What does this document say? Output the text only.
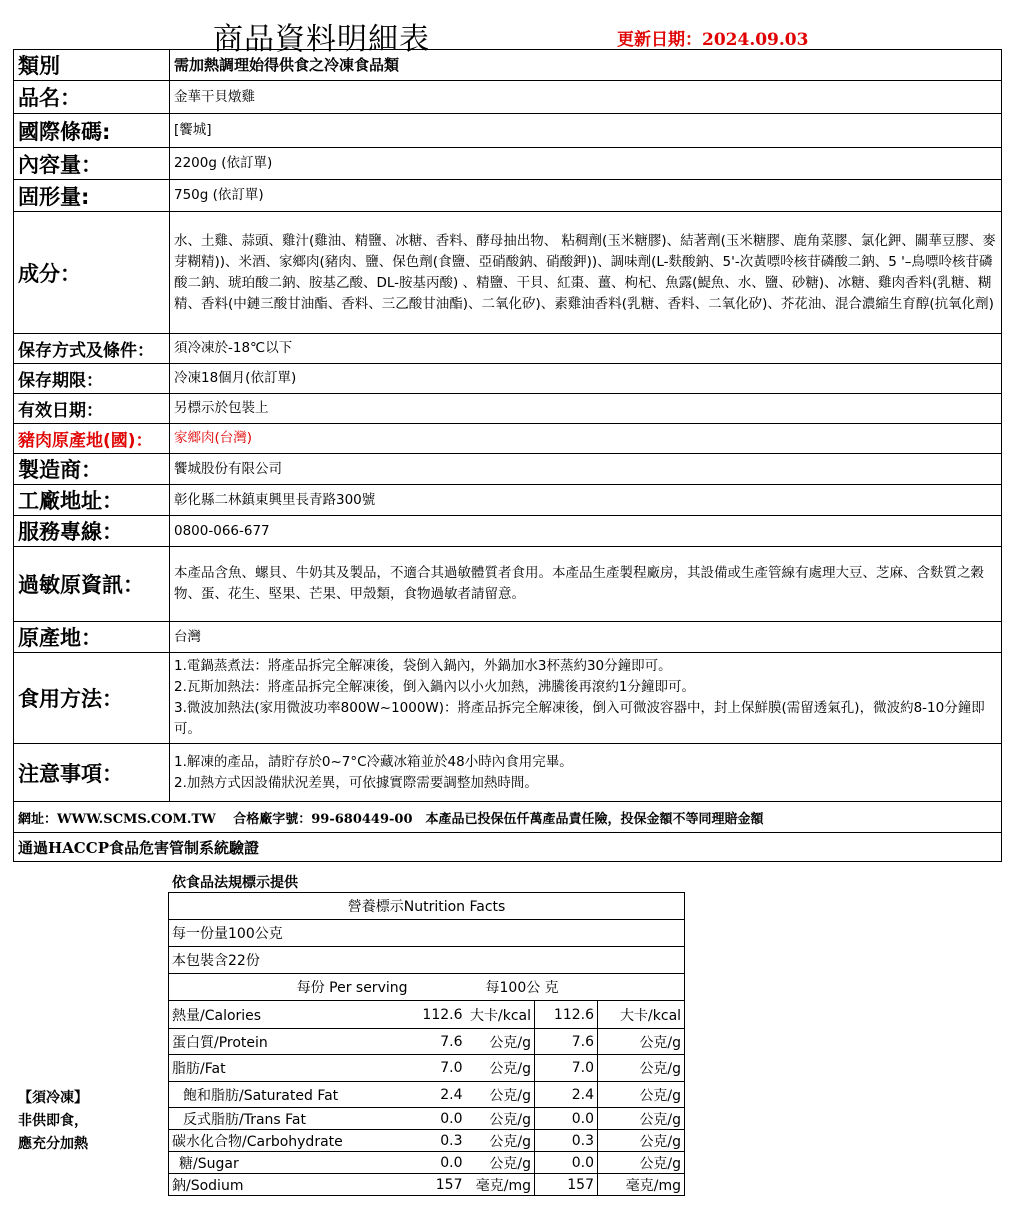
商品資料明細表	更新日期：2024.09.03
類別	需加熱調理始得供食之冷凍食品類
品名：	金華干貝燉雞
國際條碼:	[饗城]
內容量：	2200g (依訂單)
固形量:	750g (依訂單)
成分：	水、土雞、蒜頭、雞汁(雞油、精鹽、冰糖、香料、酵母抽出物、 粘稠劑(玉米糖膠)、結著劑(玉米糖膠、鹿角菜膠、氯化鉀、關華豆膠、麥芽糊精))、米酒、家鄉肉(豬肉、鹽、保色劑(食鹽、亞硝酸鈉、硝酸鉀))、調味劑(L-麩酸鈉、5'-次黃嘌呤核苷磷酸二鈉、5 '–鳥嘌呤核苷磷酸二鈉、琥珀酸二鈉、胺基乙酸、DL-胺基丙酸) 、精鹽、干貝、紅棗、薑、枸杞、魚露(鯷魚、水、鹽、砂糖)、冰糖、雞肉香料(乳糖、糊精、香料(中鏈三酸甘油酯、香料、三乙酸甘油酯)、二氧化矽)、素雞油香料(乳糖、香料、二氧化矽)、芥花油、混合濃縮生育醇(抗氧化劑)
保存方式及條件：	須冷凍於-18℃以下
保存期限：	冷凍18個月(依訂單)
有效日期：	另標示於包裝上
豬肉原產地(國)：	家鄉肉(台灣)
製造商：	饗城股份有限公司
工廠地址：	彰化縣二林鎮東興里長青路300號
服務專線：	0800-066-677
過敏原資訊：	本產品含魚、螺貝、牛奶其及製品，不適合其過敏體質者食用。本產品生產製程廠房，其設備或生產管線有處理大豆、芝麻、含麩質之穀物、蛋、花生、堅果、芒果、甲殼類，食物過敏者請留意。
原產地：	台灣
食用方法：	1.電鍋蒸煮法：將產品拆完全解凍後，袋倒入鍋內，外鍋加水3杯蒸約30分鐘即可。
2.瓦斯加熱法：將產品拆完全解凍後，倒入鍋內以小火加熱，沸騰後再滾約1分鐘即可。
3.微波加熱法(家用微波功率800W~1000W)：將產品拆完全解凍後，倒入可微波容器中，封上保鮮膜(需留透氣孔)，微波約8-10分鐘即可。

注意事項：	1.解凍的產品，請貯存於0~7°C冷藏冰箱並於48小時內食用完畢。
2.加熱方式因設備狀況差異，可依據實際需要調整加熱時間。

網址：WWW.SCMS.COM.TW　 合格廠字號：99-680449-00　本產品已投保伍仟萬產品責任險，投保金額不等同理賠金額	
通過HACCP食品危害管制系統驗證	
依食品法規標示提供
【須冷凍】
非供即食，
應充分加熱
營養標示Nutrition Facts				
每一份量100公克				
本包裝含22份				
每份 Per serving		每100公 克		
熱量/Calories	112.6	大卡/kcal	112.6	大卡/kcal
蛋白質/Protein	7.6	公克/g	7.6	公克/g
脂肪/Fat	7.0	公克/g	7.0	公克/g
飽和脂肪/Saturated Fat	2.4	公克/g	2.4	公克/g
反式脂肪/Trans Fat	0.0	公克/g	0.0	公克/g
碳水化合物/Carbohydrate	0.3	公克/g	0.3	公克/g
糖/Sugar	0.0	公克/g	0.0	公克/g
鈉/Sodium	157	毫克/mg	157	毫克/mg
